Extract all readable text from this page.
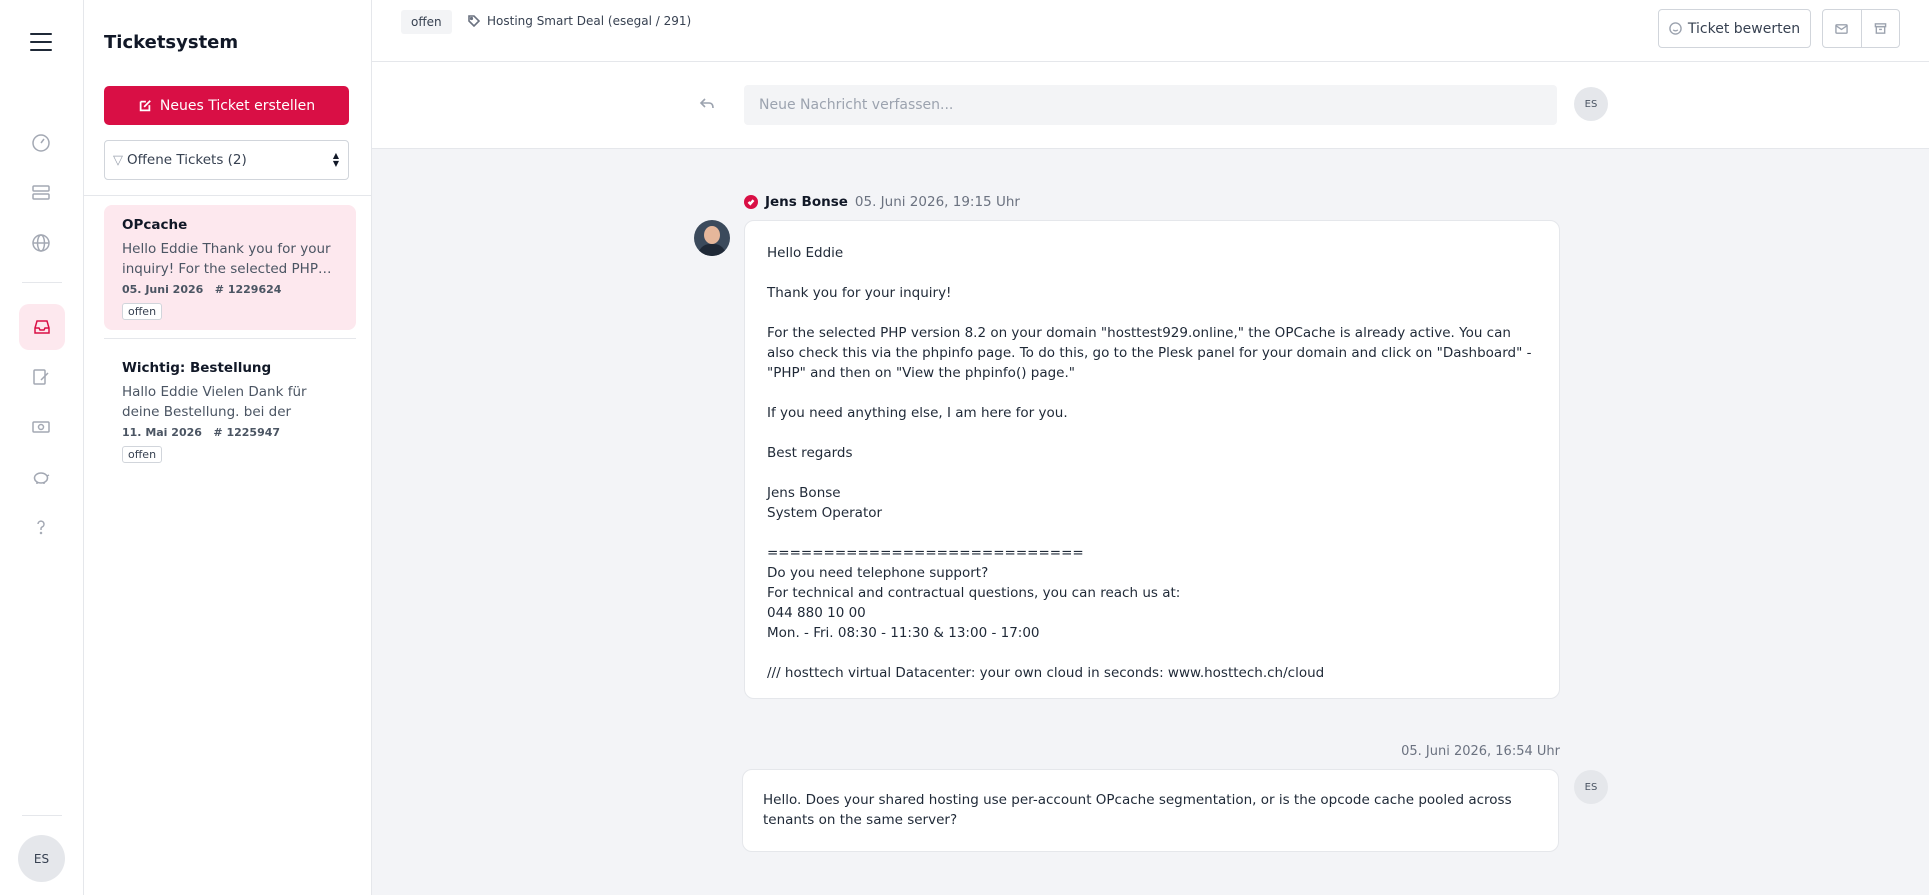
ES
Ticketsystem
Neues Ticket erstellen
▽ Offene Tickets (2)	▲
▼
OPcache
Hello Eddie Thank you for your inquiry! For the selected PHP…
05. Juni 2026 # 1229624
offen
Wichtig: Bestellung
Hallo Eddie Vielen Dank für deine Bestellung. bei der
11. Mai 2026 # 1225947
offen
offen	Hosting Smart Deal (esegal / 291)	Ticket bewerten
Neue Nachricht verfassen...
ES
Jens Bonse 05. Juni 2026, 19:15 Uhr
Hello Eddie

Thank you for your inquiry!

For the selected PHP version 8.2 on your domain "hosttest929.online," the OPCache is already active. You can also check this via the phpinfo page. To do this, go to the Plesk panel for your domain and click on "Dashboard" - "PHP" and then on "View the phpinfo() page."

If you need anything else, I am here for you.

Best regards

Jens Bonse
System Operator

============================
Do you need telephone support?
For technical and contractual questions, you can reach us at:
044 880 10 00
Mon. - Fri. 08:30 - 11:30 & 13:00 - 17:00

/// hosttech virtual Datacenter: your own cloud in seconds: www.hosttech.ch/cloud
05. Juni 2026, 16:54 Uhr
Hello. Does your shared hosting use per-account OPcache segmentation, or is the opcode cache pooled across tenants on the same server?
ES
